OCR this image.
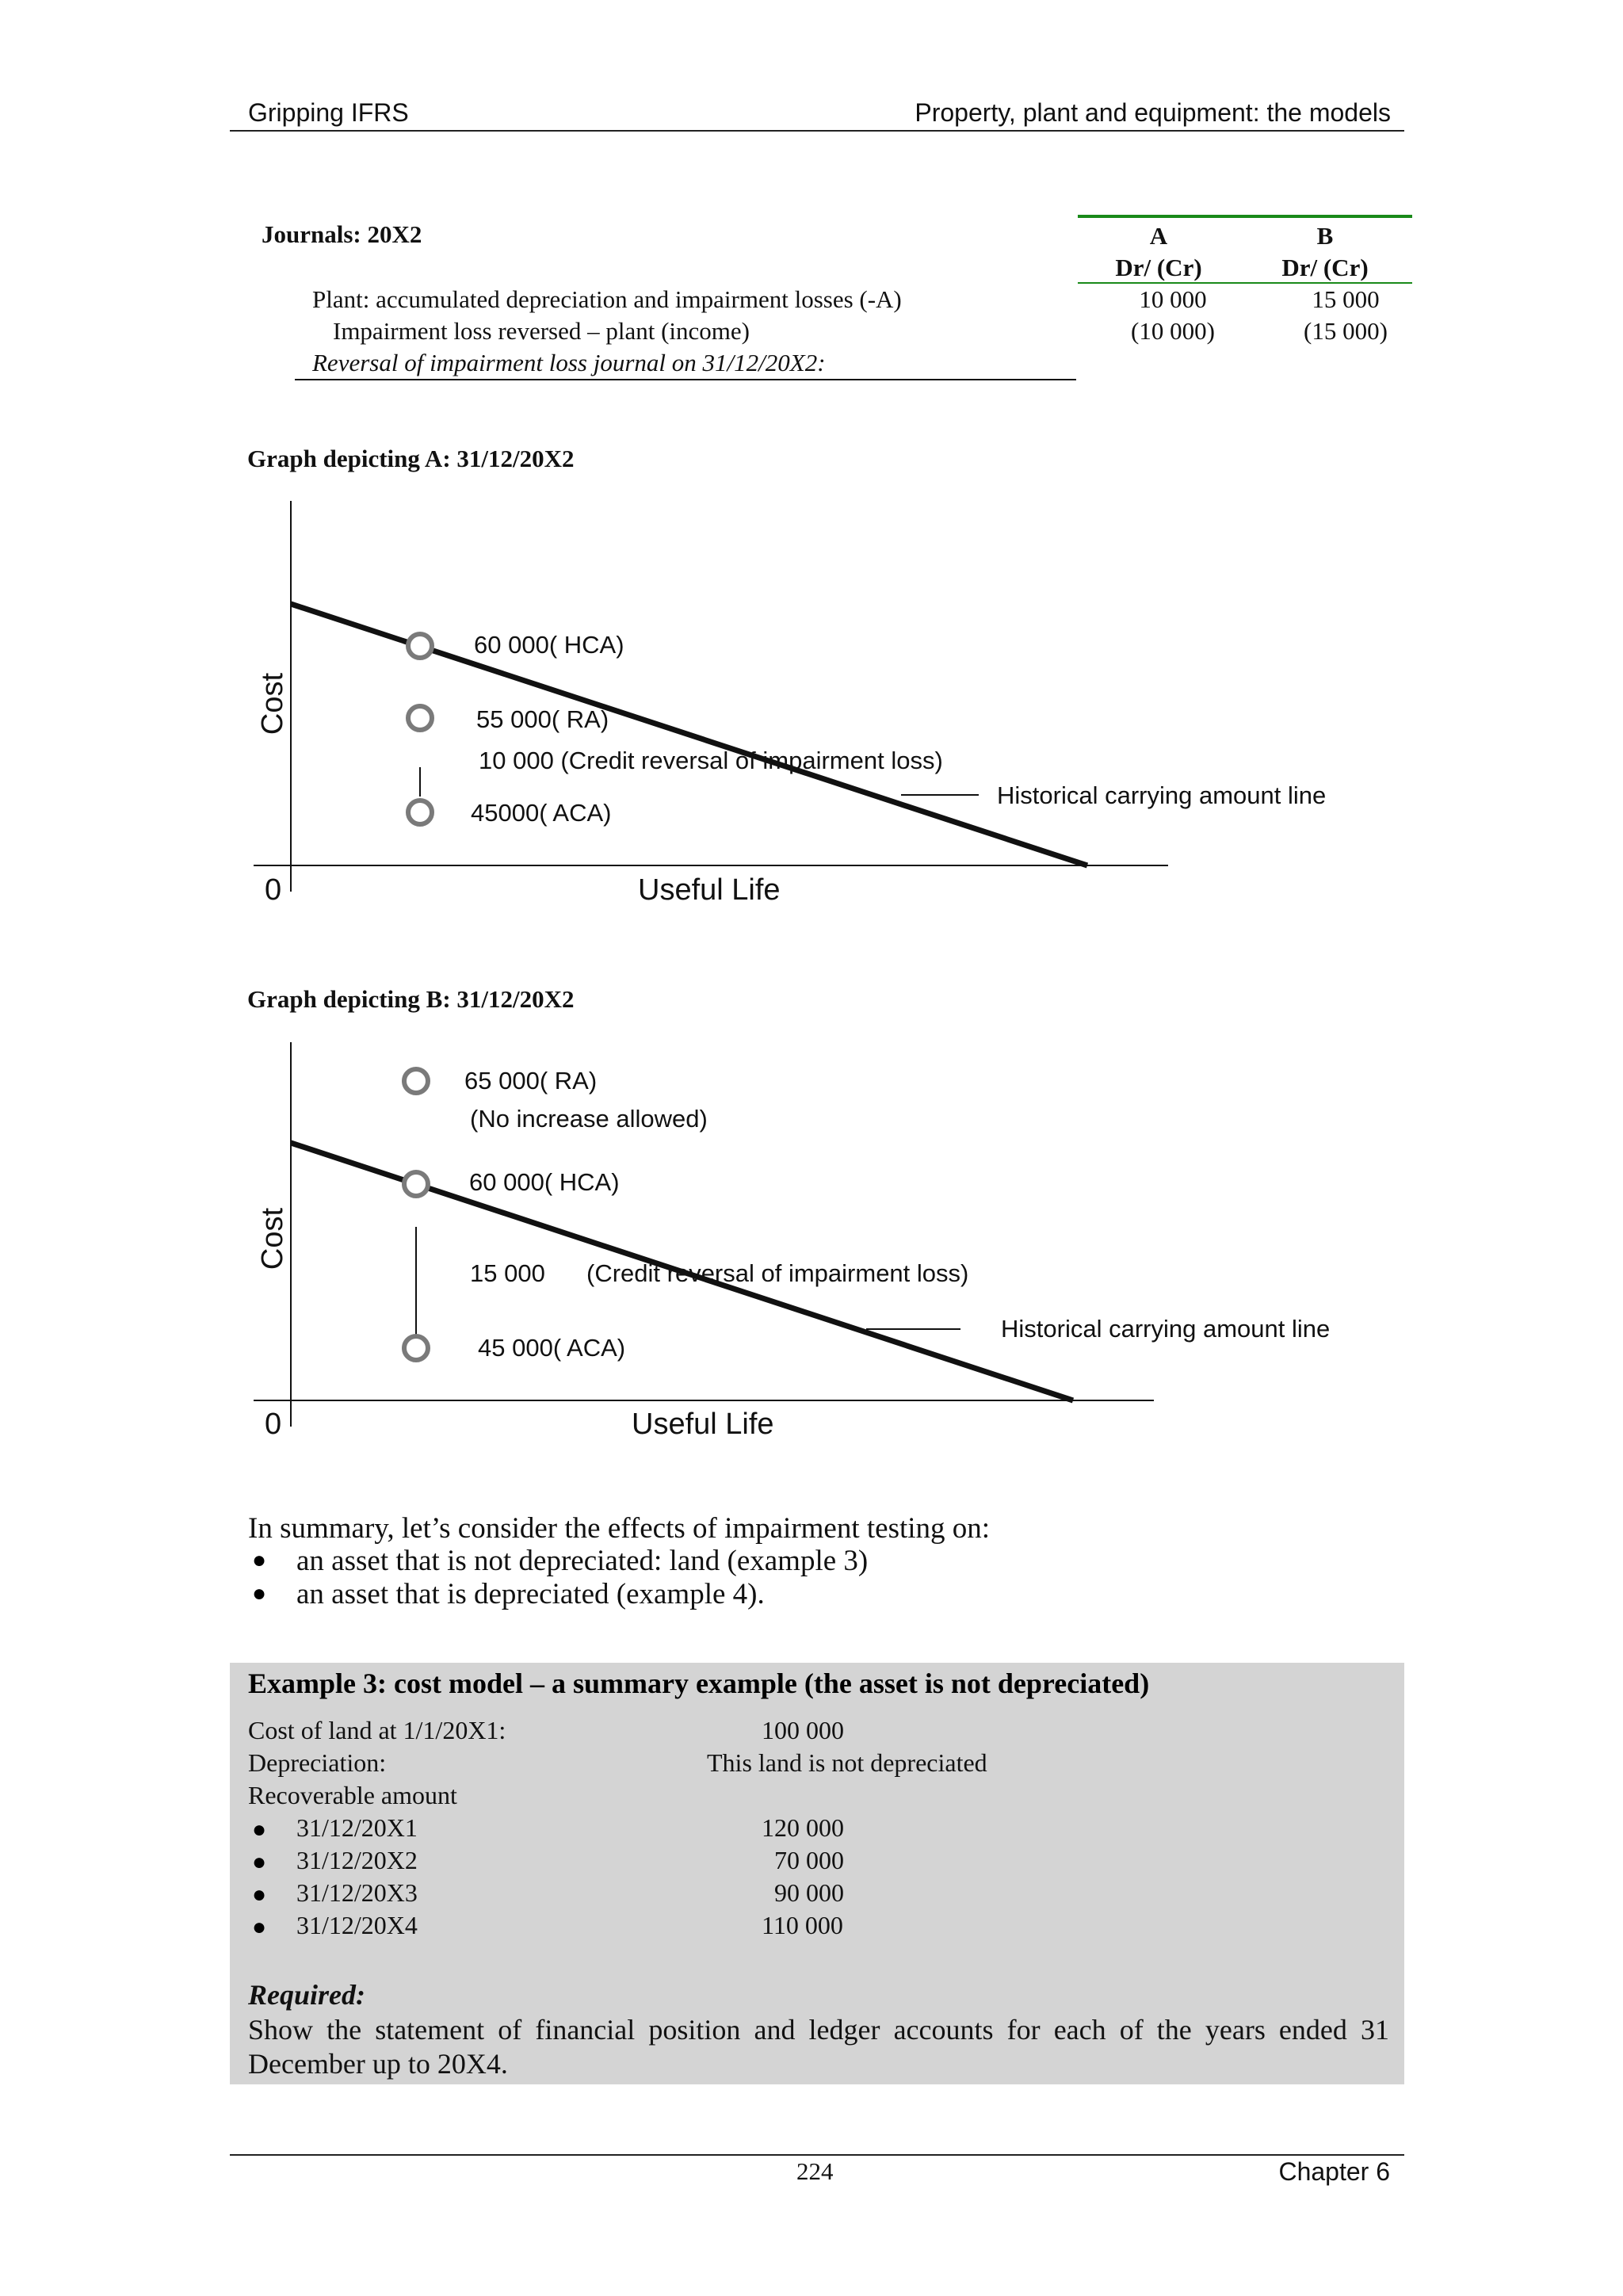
Gripping IFRS	Property, plant and equipment: the models
Journals: 20X2	A	B
Dr/ (Cr)	Dr/ (Cr)
Plant: accumulated depreciation and impairment losses (-A)	10 000	15 000
Impairment loss reversed – plant (income)	(10 000)	(15 000)
Reversal of impairment loss journal on 31/12/20X2:
Graph depicting A: 31/12/20X2
Cost
0	Useful Life
60 000( HCA)
55 000( RA)
10 000 (Credit reversal of impairment loss)
45000( ACA)
Historical carrying amount line
Graph depicting B: 31/12/20X2
Cost
0	Useful Life
65 000( RA)
(No increase allowed)
60 000( HCA)
15 000 (Credit reversal of impairment loss)
45 000( ACA)
Historical carrying amount line
In summary, let’s consider the effects of impairment testing on:
● an asset that is not depreciated: land (example 3)
● an asset that is depreciated (example 4).
Example 3: cost model – a summary example (the asset is not depreciated)
Cost of land at 1/1/20X1:	100 000
Depreciation:	This land is not depreciated
Recoverable amount
● 31/12/20X1	120 000
● 31/12/20X2	70 000
● 31/12/20X3	90 000
● 31/12/20X4	110 000
Required:
Show the statement of financial position and ledger accounts for each of the years ended 31
December up to 20X4.
224	Chapter 6
